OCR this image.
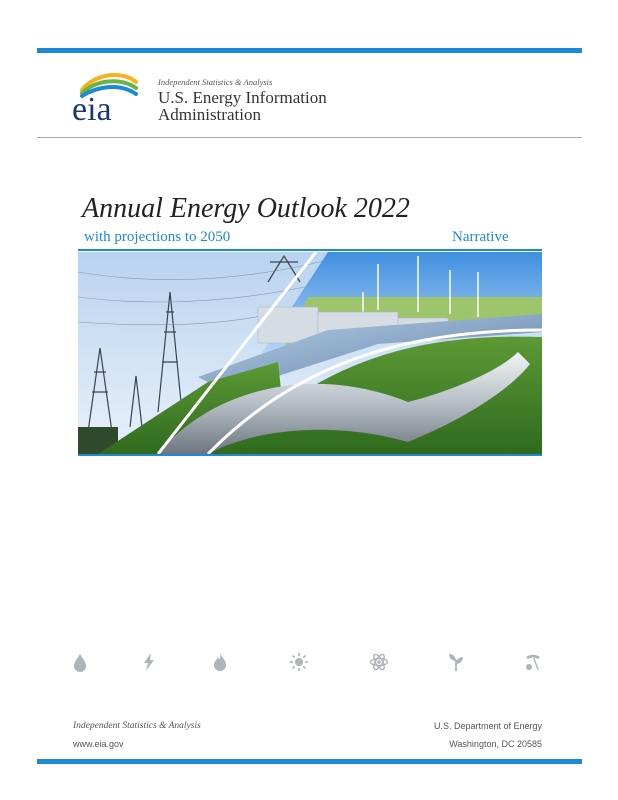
eia
Independent Statistics & Analysis
U.S. Energy Information
Administration
Annual Energy Outlook 2022
with projections to 2050	Narrative
Independent Statistics & Analysis
www.eia.gov
U.S. Department of Energy
Washington, DC 20585
